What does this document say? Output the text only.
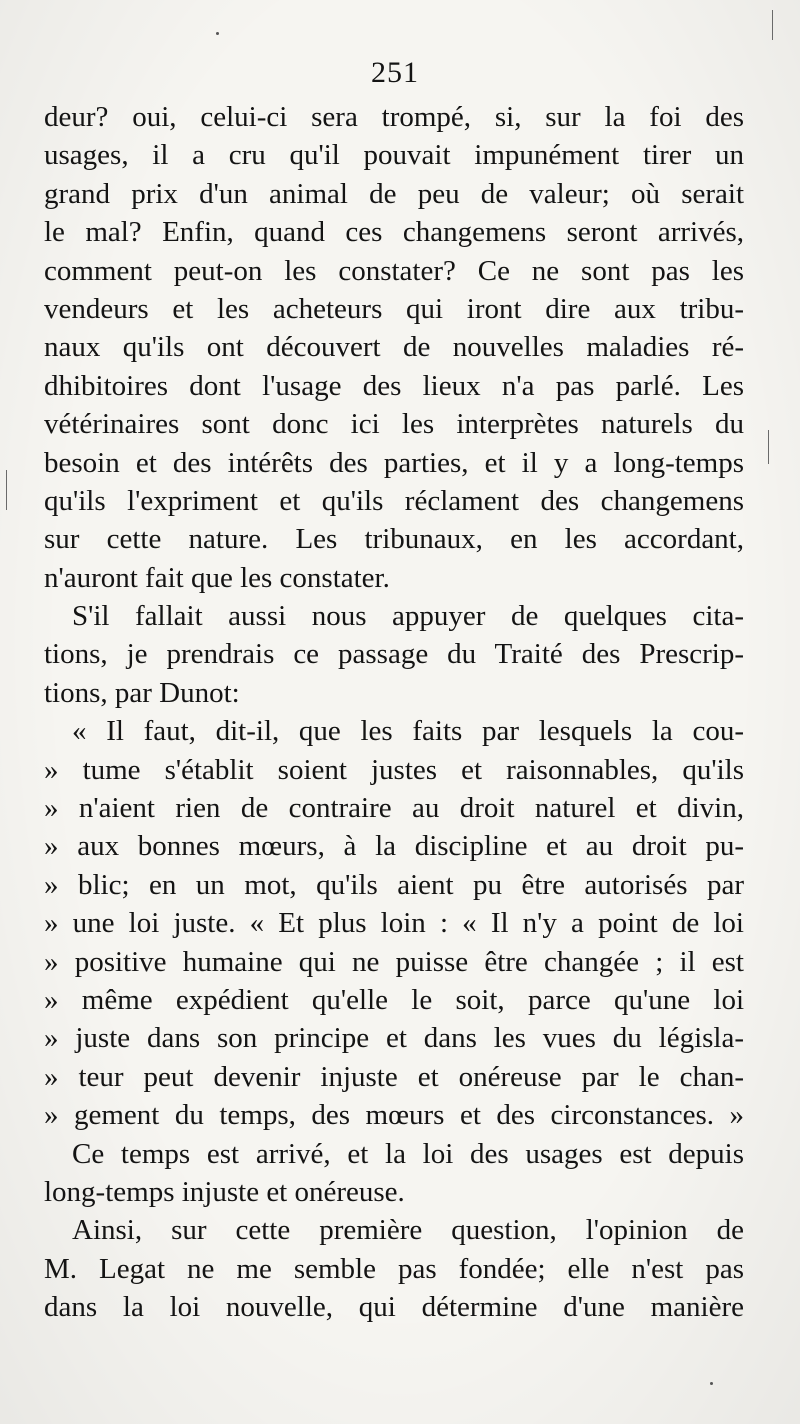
251
deur? oui, celui-ci sera trompé, si, sur la foi des
usages, il a cru qu'il pouvait impunément tirer un
grand prix d'un animal de peu de valeur; où serait
le mal? Enfin, quand ces changemens seront arrivés,
comment peut-on les constater? Ce ne sont pas les
vendeurs et les acheteurs qui iront dire aux tribu-
naux qu'ils ont découvert de nouvelles maladies ré-
dhibitoires dont l'usage des lieux n'a pas parlé. Les
vétérinaires sont donc ici les interprètes naturels du
besoin et des intérêts des parties, et il y a long-temps
qu'ils l'expriment et qu'ils réclament des changemens
sur cette nature. Les tribunaux, en les accordant,
n'auront fait que les constater.
S'il fallait aussi nous appuyer de quelques cita-
tions, je prendrais ce passage du Traité des Prescrip-
tions, par Dunot:
« Il faut, dit-il, que les faits par lesquels la cou-
» tume s'établit soient justes et raisonnables, qu'ils
» n'aient rien de contraire au droit naturel et divin,
» aux bonnes mœurs, à la discipline et au droit pu-
» blic; en un mot, qu'ils aient pu être autorisés par
» une loi juste. « Et plus loin : « Il n'y a point de loi
» positive humaine qui ne puisse être changée ; il est
» même expédient qu'elle le soit, parce qu'une loi
» juste dans son principe et dans les vues du législa-
» teur peut devenir injuste et onéreuse par le chan-
» gement du temps, des mœurs et des circonstances. »
Ce temps est arrivé, et la loi des usages est depuis
long-temps injuste et onéreuse.
Ainsi, sur cette première question, l'opinion de
M. Legat ne me semble pas fondée; elle n'est pas
dans la loi nouvelle, qui détermine d'une manière
